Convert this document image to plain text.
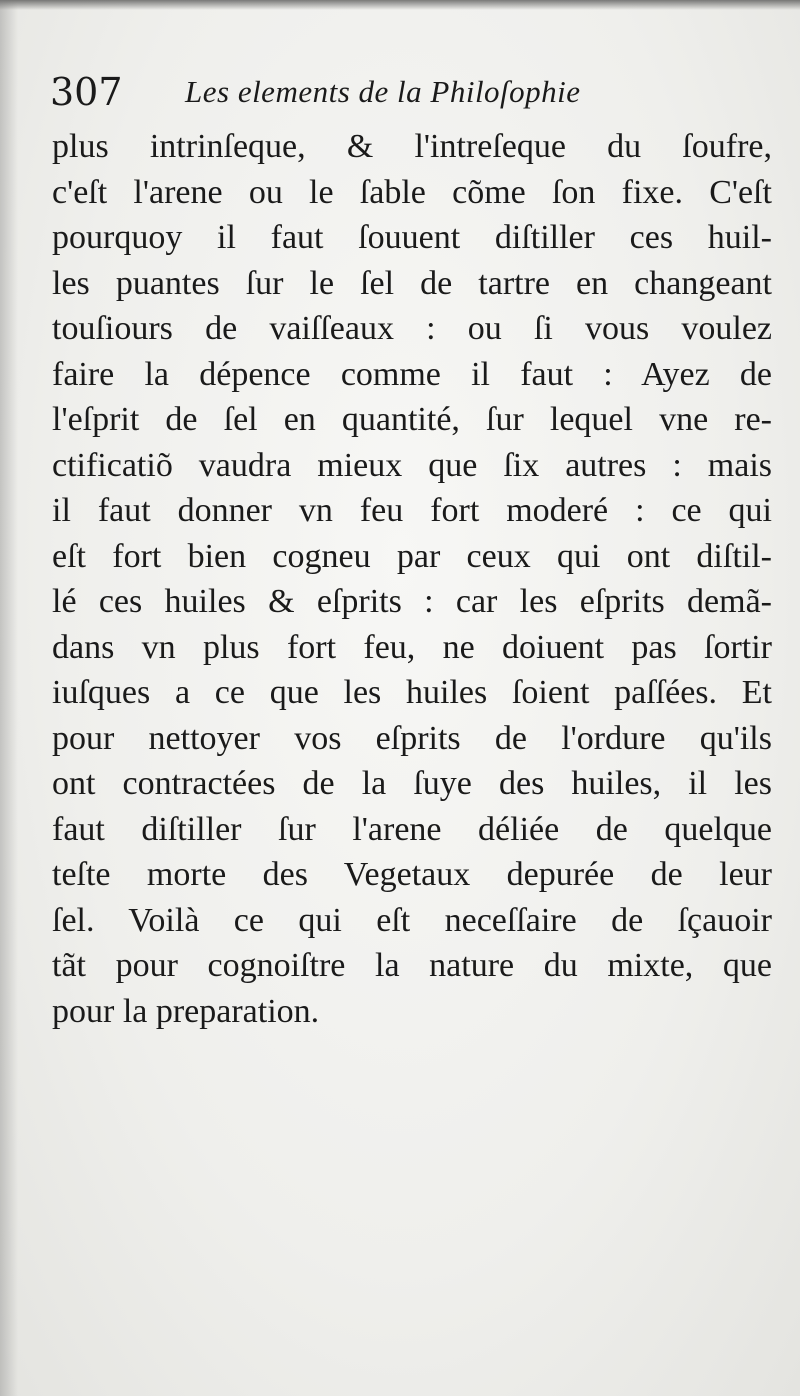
307 Les elements de la Philoſophie
plus intrinſeque, & l'intreſeque du ſoufre,
c'eſt l'arene ou le ſable cõme ſon fixe. C'eſt
pourquoy il faut ſouuent diſtiller ces huil-
les puantes ſur le ſel de tartre en changeant
touſiours de vaiſſeaux : ou ſi vous voulez
faire la dépence comme il faut : Ayez de
l'eſprit de ſel en quantité, ſur lequel vne re-
ctificatiõ vaudra mieux que ſix autres : mais
il faut donner vn feu fort moderé : ce qui
eſt fort bien cogneu par ceux qui ont diſtil-
lé ces huiles & eſprits : car les eſprits demã-
dans vn plus fort feu, ne doiuent pas ſortir
iuſques a ce que les huiles ſoient paſſées. Et
pour nettoyer vos eſprits de l'ordure qu'ils
ont contractées de la ſuye des huiles, il les
faut diſtiller ſur l'arene déliée de quelque
teſte morte des Vegetaux depurée de leur
ſel. Voilà ce qui eſt neceſſaire de ſçauoir
tãt pour cognoiſtre la nature du mixte, que
pour la preparation.
